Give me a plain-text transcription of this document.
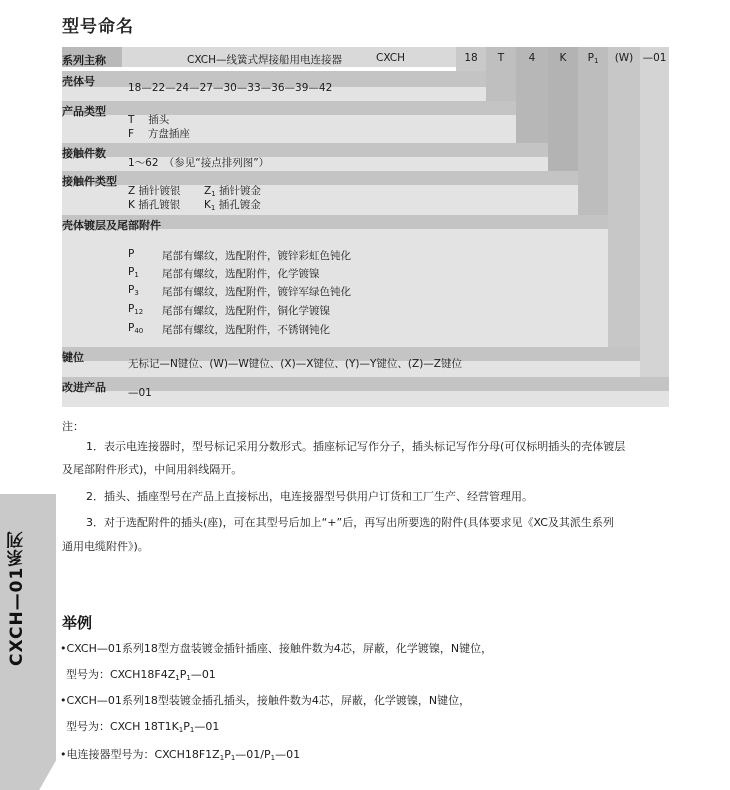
型号命名
系列主称	CXCH—线簧式焊接船用电连接器	CXCH	18	T	4	K	$P_1$	(W) —01
壳体号	18—22—24—27—30—33—36—39—42
产品类型
T　 插头
F　 方盘插座
接触件数
1～62　（参见“接点排列图”）
接触件类型
Z 插针镀银 $Z_1$ 插针镀金
K 插孔镀银 $K_1$ 插孔镀金
壳体镀层及尾部附件
P	尾部有螺纹，选配附件，镀锌彩虹色钝化
$P_1$ 尾部有螺纹，选配附件，化学镀镍
$P_3$ 尾部有螺纹，选配附件，镀锌军绿色钝化
$P_{12}$ 尾部有螺纹，选配附件，铜化学镀镍
$P_{40}$ 尾部有螺纹，选配附件，不锈钢钝化
键位	无标记—N键位、(W)—W键位、(X)—X键位、(Y)—Y键位、(Z)—Z键位
改进产品 —01
注：
1．表示电连接器时，型号标记采用分数形式。插座标记写作分子，插头标记写作分母(可仅标明插头的壳体镀层
及尾部附件形式)，中间用斜线隔开。
2．插头、插座型号在产品上直接标出，电连接器型号供用户订货和工厂生产、经营管理用。
3．对于选配附件的插头(座)，可在其型号后加上“+”后，再写出所要选的附件(具体要求见《XC及其派生系列
通用电缆附件》)。
CXCH—01系列	举例
•CXCH—01系列18型方盘装镀金插针插座、接触件数为4芯，屏蔽，化学镀镍，N键位，
型号为：$CXCH18F4Z_1P_1—01$
•CXCH—01系列18型装镀金插孔插头，接触件数为4芯，屏蔽，化学镀镍，N键位，
型号为：CXCH $18T1K_1P_1—01$
•电连接器型号为：$CXCH18F1Z_1P_1—01/P_1—01$
